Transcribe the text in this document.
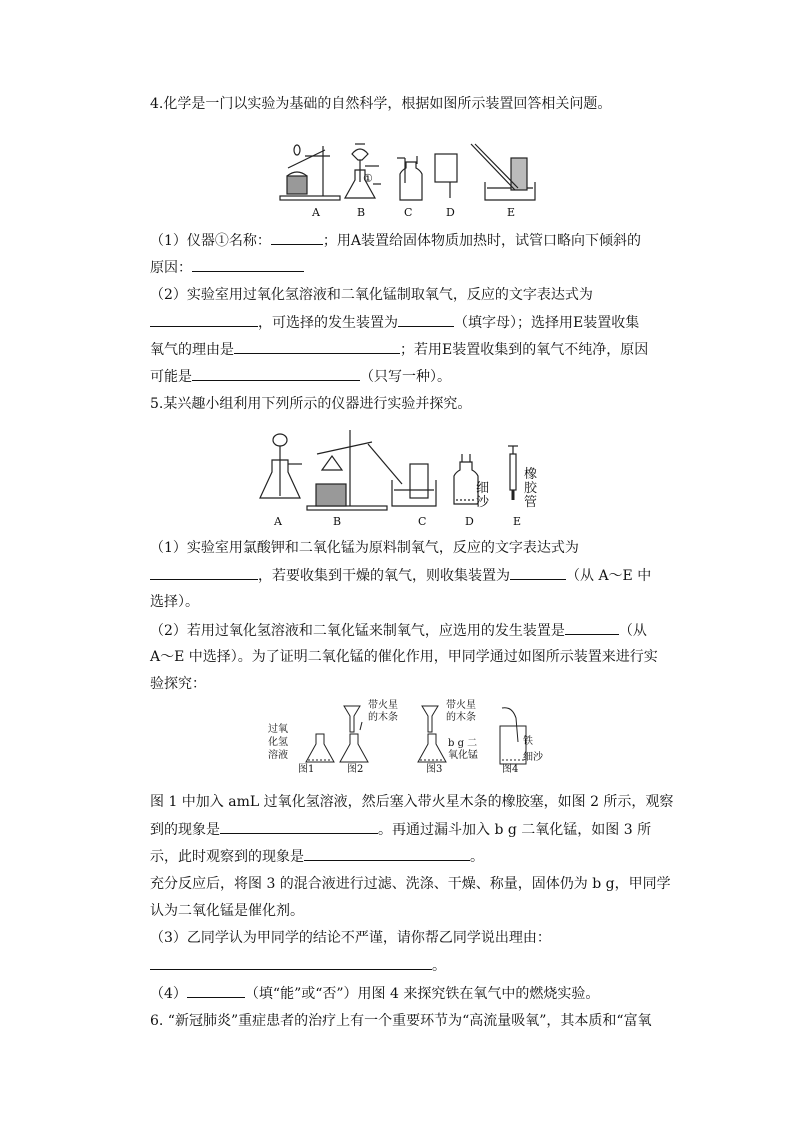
4.化学是一门以实验为基础的自然科学，根据如图所示装置回答相关问题。
①
A	B	C	D	E
（1）仪器①名称：	；用A装置给固体物质加热时，试管口略向下倾斜的
原因：
（2）实验室用过氧化氢溶液和二氧化锰制取氧气，反应的文字表达式为
，可选择的发生装置为	（填字母）；选择用E装置收集
氧气的理由是	；若用E装置收集到的氧气不纯净，原因
可能是	（只写一种）。
5.某兴趣小组利用下列所示的仪器进行实验并探究。
细
沙
橡
胶
管
A	B	C	D	E
（1）实验室用氯酸钾和二氧化锰为原料制氧气，反应的文字表达式为
，若要收集到干燥的氧气，则收集装置为	（从 A～E 中
选择）。
（2）若用过氧化氢溶液和二氧化锰来制氧气，应选用的发生装置是	（从
A～E 中选择）。为了证明二氧化锰的催化作用，甲同学通过如图所示装置来进行实
验探究：
过氧
化氢
溶液
带火星
的木条
带火星
的木条
b g 二
氧化锰
铁
细沙
图1	图2	图3	图4
图 1 中加入 amL 过氧化氢溶液，然后塞入带火星木条的橡胶塞，如图 2 所示，观察
到的现象是	。再通过漏斗加入 b g 二氧化锰，如图 3 所
示，此时观察到的现象是	。
充分反应后，将图 3 的混合液进行过滤、洗涤、干燥、称量，固体仍为 b g，甲同学
认为二氧化锰是催化剂。
（3）乙同学认为甲同学的结论不严谨，请你帮乙同学说出理由：
。
（4）	（填“能”或“否”）用图 4 来探究铁在氧气中的燃烧实验。
6. “新冠肺炎”重症患者的治疗上有一个重要环节为“高流量吸氧”，其本质和“富氧
